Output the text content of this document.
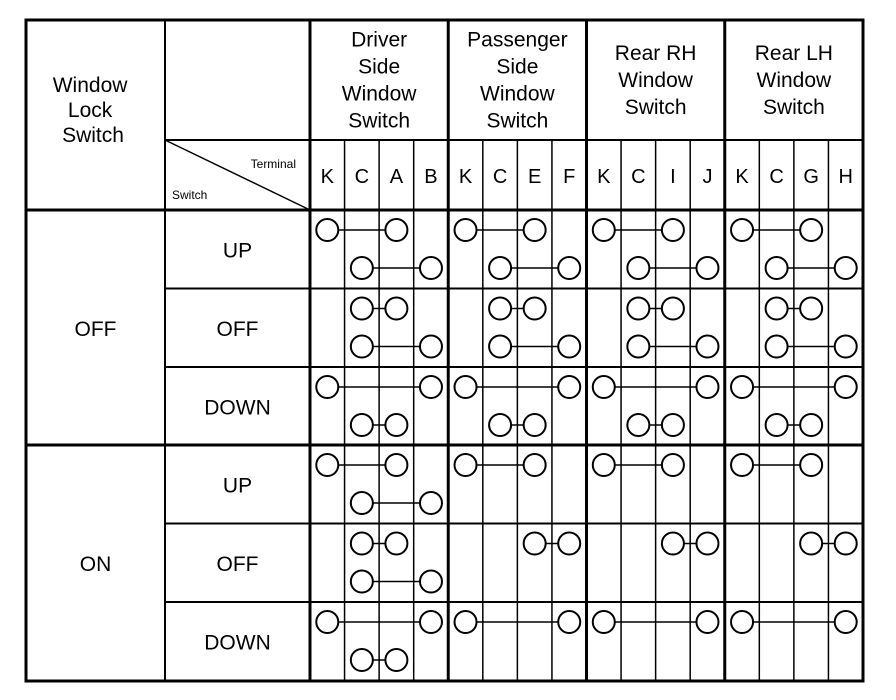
Window Lock Switch
Terminal
Switch
Driver Side Window Switch
Passenger Side Window Switch
Rear RH Window Switch
Rear LH Window Switch
K C A B K C E F K C I J K C G H
OFF
UP
OFF
DOWN
ON
UP
OFF
DOWN
